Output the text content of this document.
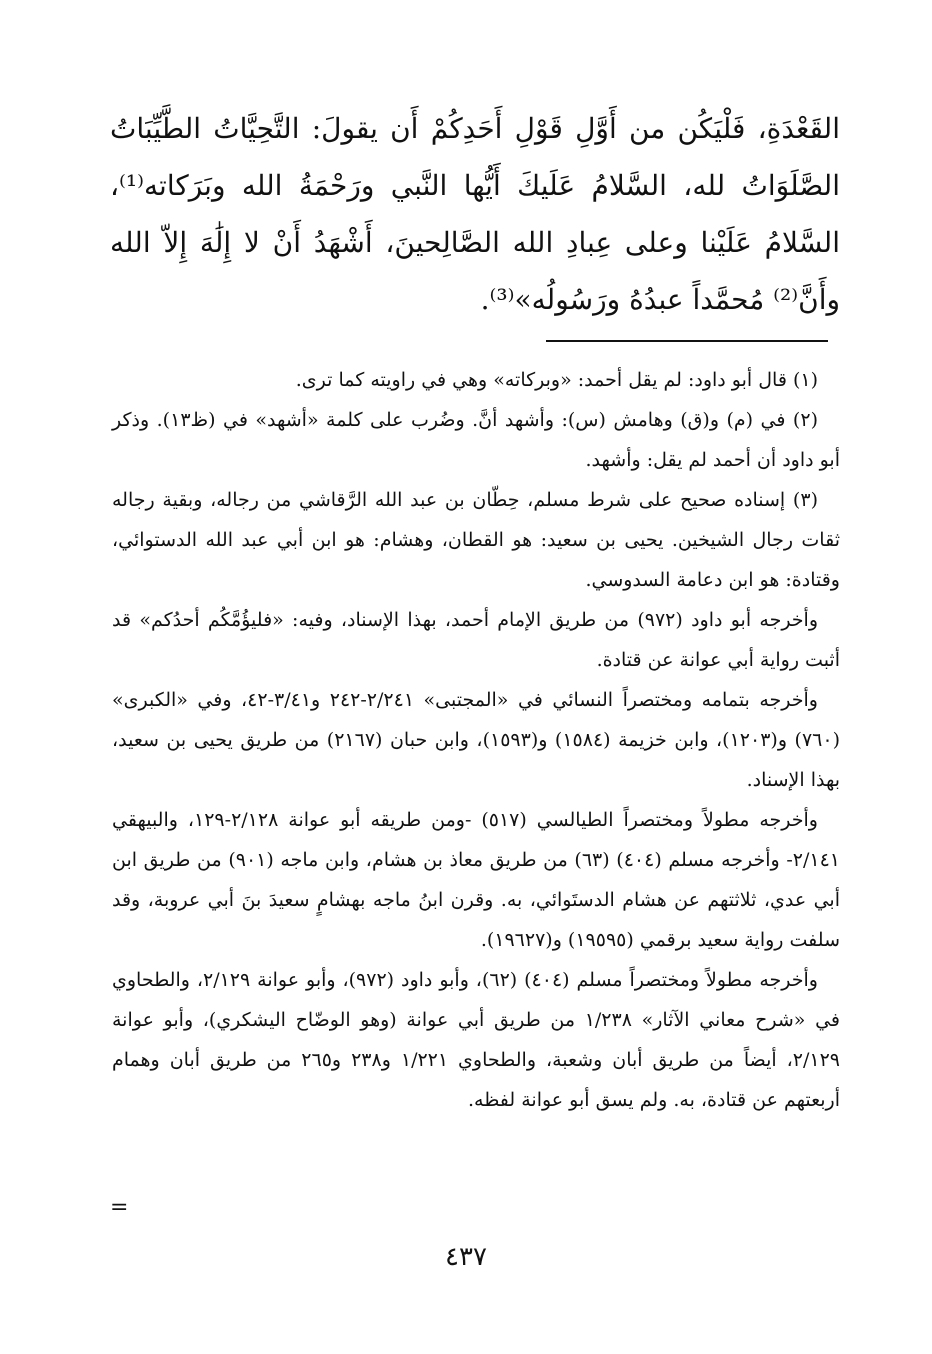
القَعْدَةِ، فَلْيَكُن من أَوَّلِ قَوْلِ أَحَدِكُمْ أَن يقولَ: التَّحِيَّاتُ الطَّيِّبَاتُ
الصَّلَوَاتُ لله، السَّلامُ عَلَيكَ أَيُّها النَّبي ورَحْمَةُ الله وبَرَكاته⁽¹⁾،
السَّلامُ عَلَيْنا وعلى عِبادِ الله الصَّالِحينَ، أَشْهَدُ أَنْ لا إِلَٰهَ إِلاّ الله
وأَنَّ⁽²⁾ مُحمَّداً عبدُهُ ورَسُولُه»⁽³⁾.

(١) قال أبو داود: لم يقل أحمد: «وبركاته» وهي في راويته كما ترى.

(٢) في (م) و(ق) وهامش (س): وأشهد أنَّ. وضُرب على كلمة «أشهد» في (ظ١٣). وذكر أبو داود أن أحمد لم يقل: وأشهد.

(٣) إسناده صحيح على شرط مسلم، حِطّان بن عبد الله الرَّقاشي من رجاله، وبقية رجاله ثقات رجال الشيخين. يحيى بن سعيد: هو القطان، وهشام: هو ابن أبي عبد الله الدستوائي، وقتادة: هو ابن دعامة السدوسي.

وأخرجه أبو داود (٩٧٢) من طريق الإمام أحمد، بهذا الإسناد، وفيه: «فليؤُمَّكُم أحدُكم» قد أثبت رواية أبي عوانة عن قتادة.

وأخرجه بتمامه ومختصراً النسائي في «المجتبى» ٢/٢٤١-٢٤٢ و٣/٤١-٤٢، وفي «الكبرى» (٧٦٠) و(١٢٠٣)، وابن خزيمة (١٥٨٤) و(١٥٩٣)، وابن حبان (٢١٦٧) من طريق يحيى بن سعيد، بهذا الإسناد.

وأخرجه مطولاً ومختصراً الطيالسي (٥١٧) -ومن طريقه أبو عوانة ٢/١٢٨-١٢٩، والبيهقي ٢/١٤١- وأخرجه مسلم (٤٠٤) (٦٣) من طريق معاذ بن هشام، وابن ماجه (٩٠١) من طريق ابن أبي عدي، ثلاثتهم عن هشام الدستَوائي، به. وقرن ابنُ ماجه بهشامٍ سعيدَ بنَ أبي عروبة، وقد سلفت رواية سعيد برقمي (١٩٥٩٥) و(١٩٦٢٧).

وأخرجه مطولاً ومختصراً مسلم (٤٠٤) (٦٢)، وأبو داود (٩٧٢)، وأبو عوانة ٢/١٢٩، والطحاوي في «شرح معاني الآثار» ١/٢٣٨ من طريق أبي عوانة (وهو الوضّاح اليشكري)، وأبو عوانة ٢/١٢٩، أيضاً من طريق أبان وشعبة، والطحاوي ١/٢٢١ و٢٣٨ و٢٦٥ من طريق أبان وهمام أربعتهم عن قتادة، به. ولم يسق أبو عوانة لفظه.

=
٤٣٧
